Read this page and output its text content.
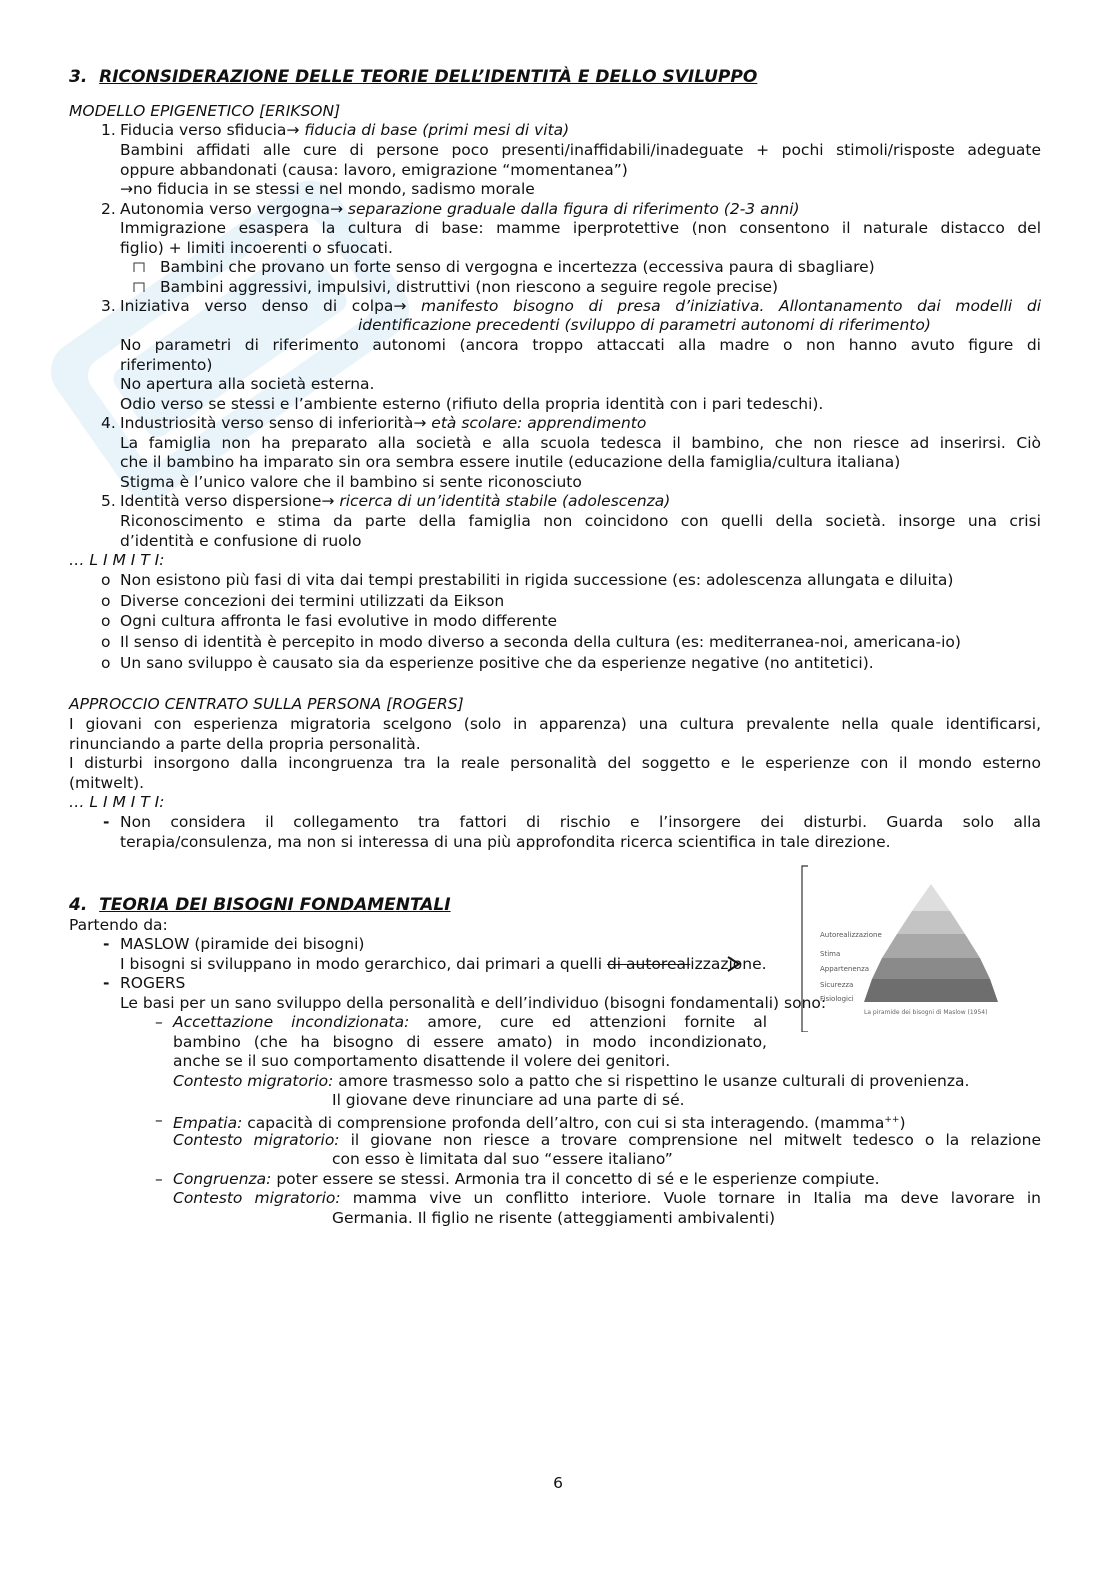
3. RICONSIDERAZIONE DELLE TEORIE DELL’IDENTITÀ E DELLO SVILUPPO
MODELLO EPIGENETICO [ERIKSON]
1. Fiducia verso sfiducia→ fiducia di base (primi mesi di vita)
Bambini affidati alle cure di persone poco presenti/inaffidabili/inadeguate + pochi stimoli/risposte adeguate
oppure abbandonati (causa: lavoro, emigrazione “momentanea”)
→no fiducia in se stessi e nel mondo, sadismo morale
2. Autonomia verso vergogna→ separazione graduale dalla figura di riferimento (2-3 anni)
Immigrazione esaspera la cultura di base: mamme iperprotettive (non consentono il naturale distacco del
figlio) + limiti incoerenti o sfuocati.
Bambini che provano un forte senso di vergogna e incertezza (eccessiva paura di sbagliare)
Bambini aggressivi, impulsivi, distruttivi (non riescono a seguire regole precise)
3. Iniziativa verso denso di colpa→ manifesto bisogno di presa d’iniziativa. Allontanamento dai modelli di
identificazione precedenti (sviluppo di parametri autonomi di riferimento)
No parametri di riferimento autonomi (ancora troppo attaccati alla madre o non hanno avuto figure di
riferimento)
No apertura alla società esterna.
Odio verso se stessi e l’ambiente esterno (rifiuto della propria identità con i pari tedeschi).
4. Industriosità verso senso di inferiorità→ età scolare: apprendimento
La famiglia non ha preparato alla società e alla scuola tedesca il bambino, che non riesce ad inserirsi. Ciò
che il bambino ha imparato sin ora sembra essere inutile (educazione della famiglia/cultura italiana)
Stigma è l’unico valore che il bambino si sente riconosciuto
5. Identità verso dispersione→ ricerca di un’identità stabile (adolescenza)
Riconoscimento e stima da parte della famiglia non coincidono con quelli della società. insorge una crisi
d’identità e confusione di ruolo
… L I M I T I:
o Non esistono più fasi di vita dai tempi prestabiliti in rigida successione (es: adolescenza allungata e diluita)
o Diverse concezioni dei termini utilizzati da Eikson
o Ogni cultura affronta le fasi evolutive in modo differente
o Il senso di identità è percepito in modo diverso a seconda della cultura (es: mediterranea-noi, americana-io)
o Un sano sviluppo è causato sia da esperienze positive che da esperienze negative (no antitetici).
APPROCCIO CENTRATO SULLA PERSONA [ROGERS]
I giovani con esperienza migratoria scelgono (solo in apparenza) una cultura prevalente nella quale identificarsi,
rinunciando a parte della propria personalità.
I disturbi insorgono dalla incongruenza tra la reale personalità del soggetto e le esperienze con il mondo esterno
(mitwelt).
… L I M I T I:
- Non considera il collegamento tra fattori di rischio e l’insorgere dei disturbi. Guarda solo alla
terapia/consulenza, ma non si interessa di una più approfondita ricerca scientifica in tale direzione.
4. TEORIA DEI BISOGNI FONDAMENTALI
Partendo da:
- MASLOW (piramide dei bisogni)
I bisogni si sviluppano in modo gerarchico, dai primari a quelli di autorealizzazione.
- ROGERS
Le basi per un sano sviluppo della personalità e dell’individuo (bisogni fondamentali) sono:
– Accettazione incondizionata: amore, cure ed attenzioni fornite al
bambino (che ha bisogno di essere amato) in modo incondizionato,
anche se il suo comportamento disattende il volere dei genitori.
Contesto migratorio: amore trasmesso solo a patto che si rispettino le usanze culturali di provenienza.
Il giovane deve rinunciare ad una parte di sé.
– Empatia: capacità di comprensione profonda dell’altro, con cui si sta interagendo. (mamma++)
Contesto migratorio: il giovane non riesce a trovare comprensione nel mitwelt tedesco o la relazione
con esso è limitata dal suo “essere italiano”
– Congruenza: poter essere se stessi. Armonia tra il concetto di sé e le esperienze compiute.
Contesto migratorio: mamma vive un conflitto interiore. Vuole tornare in Italia ma deve lavorare in
Germania. Il figlio ne risente (atteggiamenti ambivalenti)
Autorealizzazione
Stima
Appartenenza
Sicurezza
Fisiologici
La piramide dei bisogni di Maslow (1954)
6
